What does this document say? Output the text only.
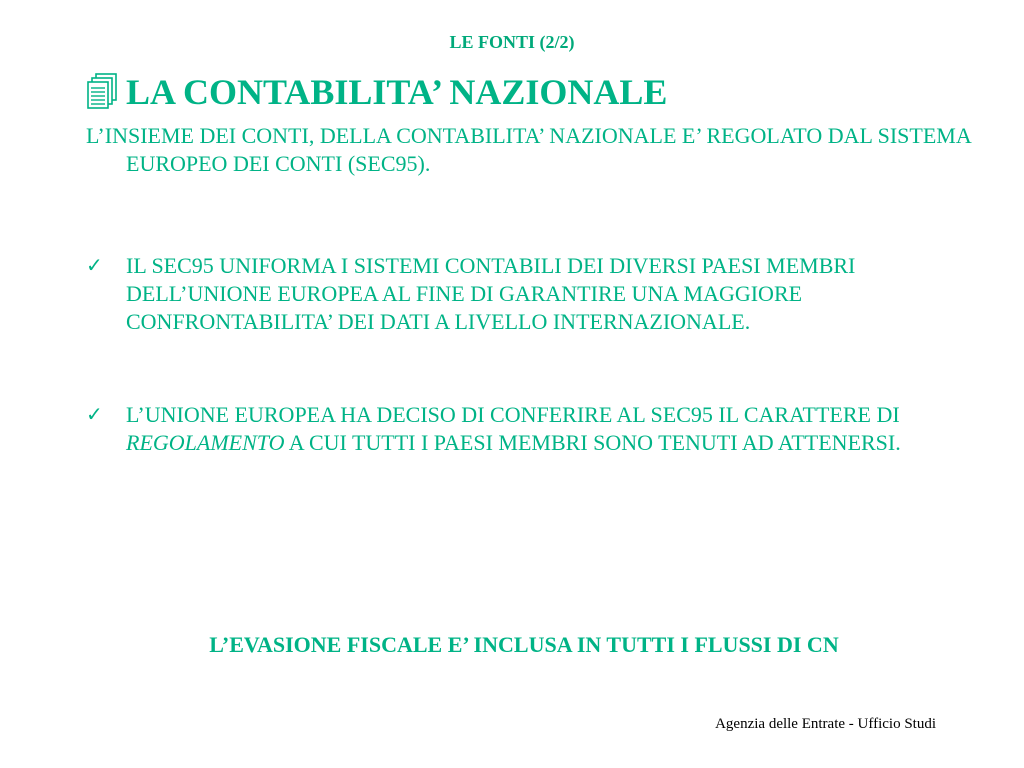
LE FONTI (2/2)
LA CONTABILITA’ NAZIONALE
L’INSIEME DEI CONTI, DELLA CONTABILITA’ NAZIONALE E’ REGOLATO DAL SISTEMA EUROPEO DEI CONTI (SEC95).
✓	IL SEC95 UNIFORMA I SISTEMI CONTABILI DEI DIVERSI PAESI MEMBRI DELL’UNIONE EUROPEA AL FINE DI GARANTIRE UNA MAGGIORE CONFRONTABILITA’ DEI DATI A LIVELLO INTERNAZIONALE.
✓	L’UNIONE EUROPEA HA DECISO DI CONFERIRE AL SEC95 IL CARATTERE DI REGOLAMENTO A CUI TUTTI I PAESI MEMBRI SONO TENUTI AD ATTENERSI.
L’EVASIONE FISCALE E’ INCLUSA IN TUTTI I FLUSSI DI CN
Agenzia delle Entrate - Ufficio Studi
